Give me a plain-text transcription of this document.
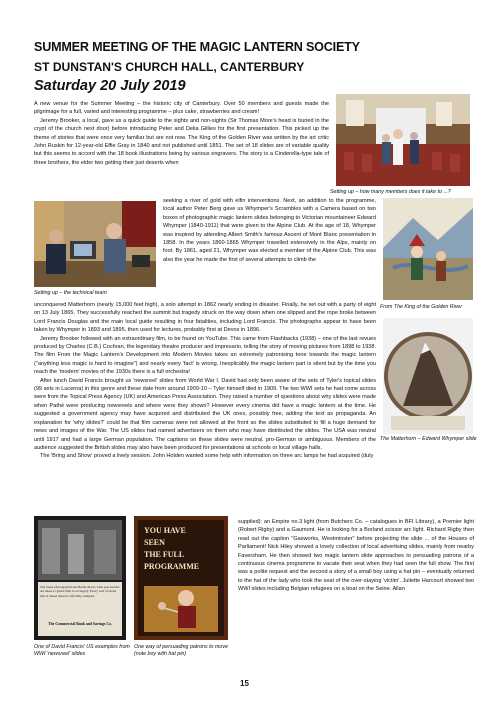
SUMMER MEETING OF THE MAGIC LANTERN SOCIETY
ST DUNSTAN'S CHURCH HALL, CANTERBURY
Saturday 20 July 2019

A new venue for the Summer Meeting – the historic city of Canterbury. Over 50 members and guests made the pilgrimage for a full, varied and interesting programme – plus cake, strawberries and cream!

Jeremy Brooker, a local, gave us a quick guide to the sights and non-sights (Sir Thomas More's head is buried in the crypt of the church next door) before introducing Peter and Delia Gillies for the first presentation. This picked up the theme of stories that were once very familiar but are not now. The King of the Golden River was written by the art critic John Ruskin for 12-year-old Effie Gray in 1840 and not published until 1851. The set of 18 slides are of variable quality but this seems to accord with the 18 book illustrations being by various engravers. The story is a Cinderella-type tale of three brothers, the elder two getting their just deserts when

Setting up – how many members does it take to ...?
Setting up – the technical team

seeking a river of gold with elfin interventions. Next, an addition to the programme, local author Peter Berg gave us Whymper's Scrambles with a Camera based on two boxes of photographic magic lantern slides belonging to Victorian mountaineer Edward Whymper (1840-1911) that were given to the Alpine Club. At the age of 18, Whymper was inspired by attending Albert Smith's famous Ascent of Mont Blanc presentation in 1858. In the years 1860-1865 Whymper travelled extensively in the Alps, mainly on foot. By 1861, aged 21, Whymper was elected a member of the Alpine Club. This was also the year he made the first of several attempts to climb the

From The King of the Golden River

unconquered Matterhorn (nearly 15,000 feet high), a solo attempt in 1862 nearly ending in disaster. Finally, he set out with a party of eight on 13 July 1865. They successfully reached the summit but tragedy struck on the way down when one slipped and the rope broke between Lord Francis Douglas and the main local guide resulting in four fatalities, including Lord Francis. The photographs appear to have been taken by Whymper in 1893 and 1895, then used for lectures, probably first at Devos in 1896.

Jeremy Brooker followed with an extraordinary film, to be found on YouTube. This came from Flashbacks (1938) – one of the last revues produced by Charles (C.B.) Cochran, the legendary theatre producer and impresario, telling the story of moving pictures from 1898 to 1938. The film From the Magic Lantern's Development into Modern Movies takes an extremely patronising tone towards the magic lantern ("anything less magic is hard to imagine") and nearly every 'fact' is wrong. Inexplicably the magic lantern part is silent but by the time you reach the 'modern' movies of the 1930s there is a full orchestra!

After lunch David Francis brought us 'newsreel' slides from World War I. David had only been aware of the sets of Tyler's topical slides (99 sets in Lucerna) in this genre and these date from around 1909-10 – Tyler himself died in 1909. The two WWI sets he had come across were from the Topical Press Agency (UK) and American Press Association. They raised a number of questions about why slides were made when Pathé were producing newsreels and where were they shown? However every cinema did have a magic lantern at the time. He suggested a government agency may have acquired and distributed the UK ones, possibly free, adding the text as propaganda. An explanation for 'why slides?' could be that film cameras were not allowed at the front so the slides substituted to fill a huge demand for news and images of the War. The US slides had named advertisers on them who may have distributed the slides. The USA was neutral until 1917 and had a large German population. The captions on these slides were neutral, pro-German or ambiguous. Members of the audience suggested the British slides may also have been produced for presentations at schools or local village halls.

The 'Bring and Show' proved a lively session. John Holden wanted some help with information on three arc lamps he had acquired (duly

The Matterhorn – Edward Whymper slide
The latest photograph from Berlin shows what precautions are taken to guard their food supply. Every loaf of bread that is baked must be officially stamped.
The Commercial Bank and Savings Co.
One of David Francis' US examples from WWI 'newsreel' slides
YOU HAVE
SEEN
THE FULL
PROGRAMME
One way of persuading patrons to move (note boy with hat pin)

supplied): an Empire no.3 light (from Butchers Co. – catalogues in BFI Library), a Premier light (Robert Rigby) and a Gaumont. He is looking for a Borland scissor arc light. Richard Rigby then read out the caption "Gasworks, Westminster" before projecting the slide ... of the Houses of Parliament! Nick Hiley showed a lovely collection of local advertising slides, mainly from nearby Faversham. He then showed two magic lantern slide approaches to persuading patrons of a continuous cinema programme to vacate their seat when they had seen the full show. The first was a polite request and the second a story of a small boy using a hat pin – eventually returned to the hat of the lady who took the seat of the over-staying 'victim'. Juliette Harcourt showed two WWI slides including Belgian refugees on a boat on the Seine. Allan

15
